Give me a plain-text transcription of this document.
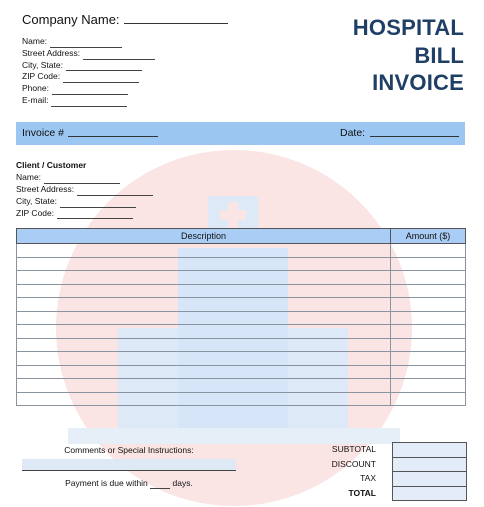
Company Name:
Name:
Street Address:
City, State:
ZIP Code:
Phone:
E-mail:
HOSPITAL
BILL
INVOICE
Invoice #	Date:
Client / Customer
Name:
Street Address:
City, State:
ZIP Code:
Description	Amount ($)

Comments or Special Instructions:
Payment is due within	days.
SUBTOTAL
DISCOUNT
TAX
TOTAL
